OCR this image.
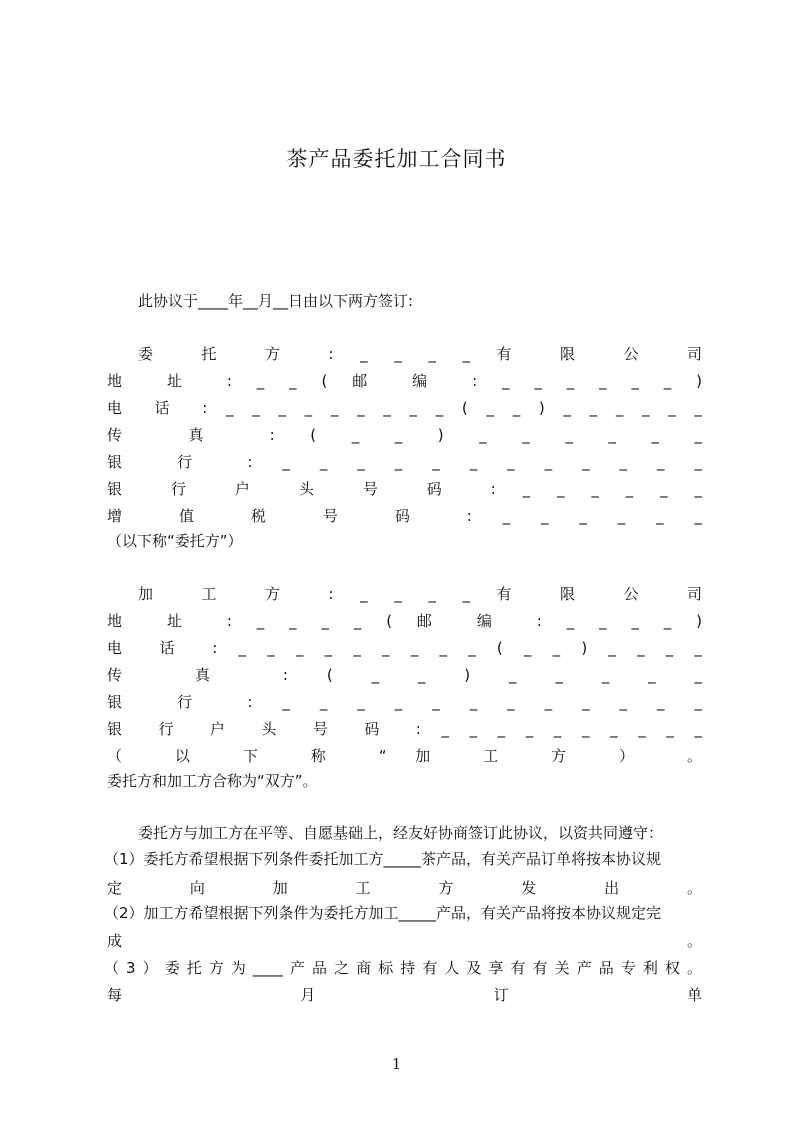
茶产品委托加工合同书
此协议于____年__月__日由以下两方签订:
委 托 方 : _ _ _ _ 有 限 公 司
地 址 : _ _ ( 邮 编 : _ _ _ _ _ _ )
电 话 : _ _ _ _ _ _ _ _ _ ( _ _ ) _ _ _ _ _ _
传 真 : ( _ _ ) _ _ _ _ _ _
银 行 : _ _ _ _ _ _ _ _ _ _ _ _
银 行 户 头 号 码 : _ _ _ _ _ _
增 值 税 号 码 : _ _ _ _ _ _
（以下称“委托方”）
加 工 方 : _ _ _ _ 有 限 公 司
地 址 : _ _ _ _ ( 邮 编 : _ _ _ _ )
电 话 : _ _ _ _ _ _ _ _ _ ( _ _ ) _ _ _ _
传 真 : ( _ _ ) _ _ _ _ _
银 行 : _ _ _ _ _ _ _ _ _ _ _ _
银 行 户 头 号 码 : _ _ _ _ _ _ _ _ _ _
（ 以 下 称 “ 加 工 方 ） 。
委托方和加工方合称为“双方”。
委托方与加工方在平等、自愿基础上，经友好协商签订此协议，以资共同遵守：
（1）委托方希望根据下列条件委托加工方_____茶产品，有关产品订单将按本协议规
定 向 加 工 方 发 出 。
（2）加工方希望根据下列条件为委托方加工_____产品，有关产品将按本协议规定完
成 。
（3）委托方为____产品之商标持有人及享有有关产品专利权。
每 月 订 单
1
